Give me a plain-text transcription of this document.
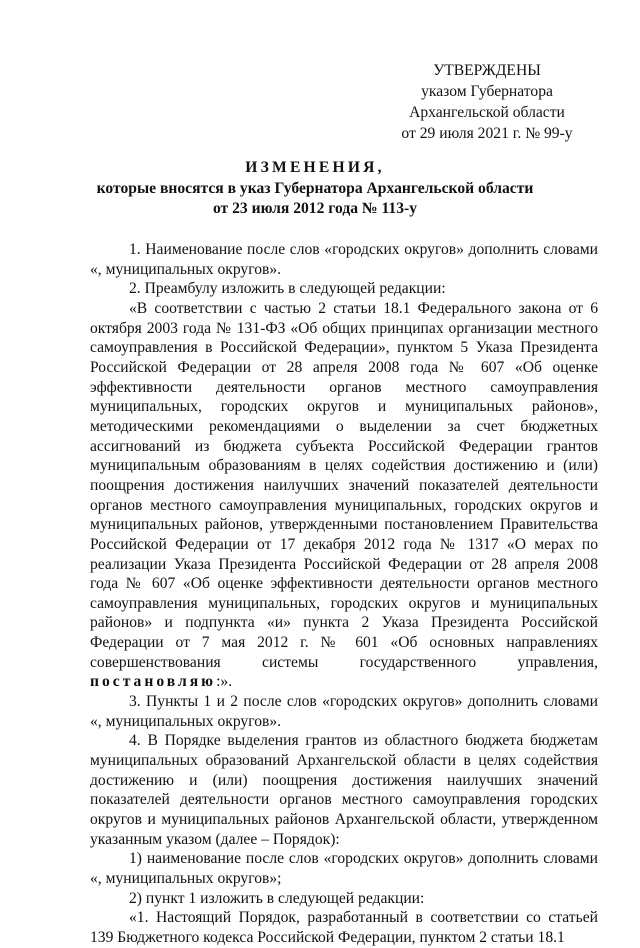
УТВЕРЖДЕНЫ
указом Губернатора
Архангельской области
от 29 июля 2021 г. № 99-у
ИЗМЕНЕНИЯ,
которые вносятся в указ Губернатора Архангельской области
от 23 июля 2012 года № 113-у

1. Наименование после слов «городских округов» дополнить словами «, муниципальных округов».

2. Преамбулу изложить в следующей редакции:

«В соответствии с частью 2 статьи 18.1 Федерального закона от 6 октября 2003 года № 131-ФЗ «Об общих принципах организации местного самоуправления в Российской Федерации», пунктом 5 Указа Президента Российской Федерации от 28 апреля 2008 года № 607 «Об оценке эффективности деятельности органов местного самоуправления муниципальных, городских округов и муниципальных районов», методическими рекомендациями о выделении за счет бюджетных ассигнований из бюджета субъекта Российской Федерации грантов муниципальным образованиям в целях содействия достижению и (или) поощрения достижения наилучших значений показателей деятельности органов местного самоуправления муниципальных, городских округов и муниципальных районов, утвержденными постановлением Правительства Российской Федерации от 17 декабря 2012 года № 1317 «О мерах по реализации Указа Президента Российской Федерации от 28 апреля 2008 года № 607 «Об оценке эффективности деятельности органов местного самоуправления муниципальных, городских округов и муниципальных районов» и подпункта «и» пункта 2 Указа Президента Российской Федерации от 7 мая 2012 г. № 601 «Об основных направлениях совершенствования системы государственного управления, постановляю:».

3. Пункты 1 и 2 после слов «городских округов» дополнить словами «, муниципальных округов».

4. В Порядке выделения грантов из областного бюджета бюджетам муниципальных образований Архангельской области в целях содействия достижению и (или) поощрения достижения наилучших значений показателей деятельности органов местного самоуправления городских округов и муниципальных районов Архангельской области, утвержденном указанным указом (далее – Порядок):

1) наименование после слов «городских округов» дополнить словами «, муниципальных округов»;

2) пункт 1 изложить в следующей редакции:

«1. Настоящий Порядок, разработанный в соответствии со статьей 139 Бюджетного кодекса Российской Федерации, пунктом 2 статьи 18.1
